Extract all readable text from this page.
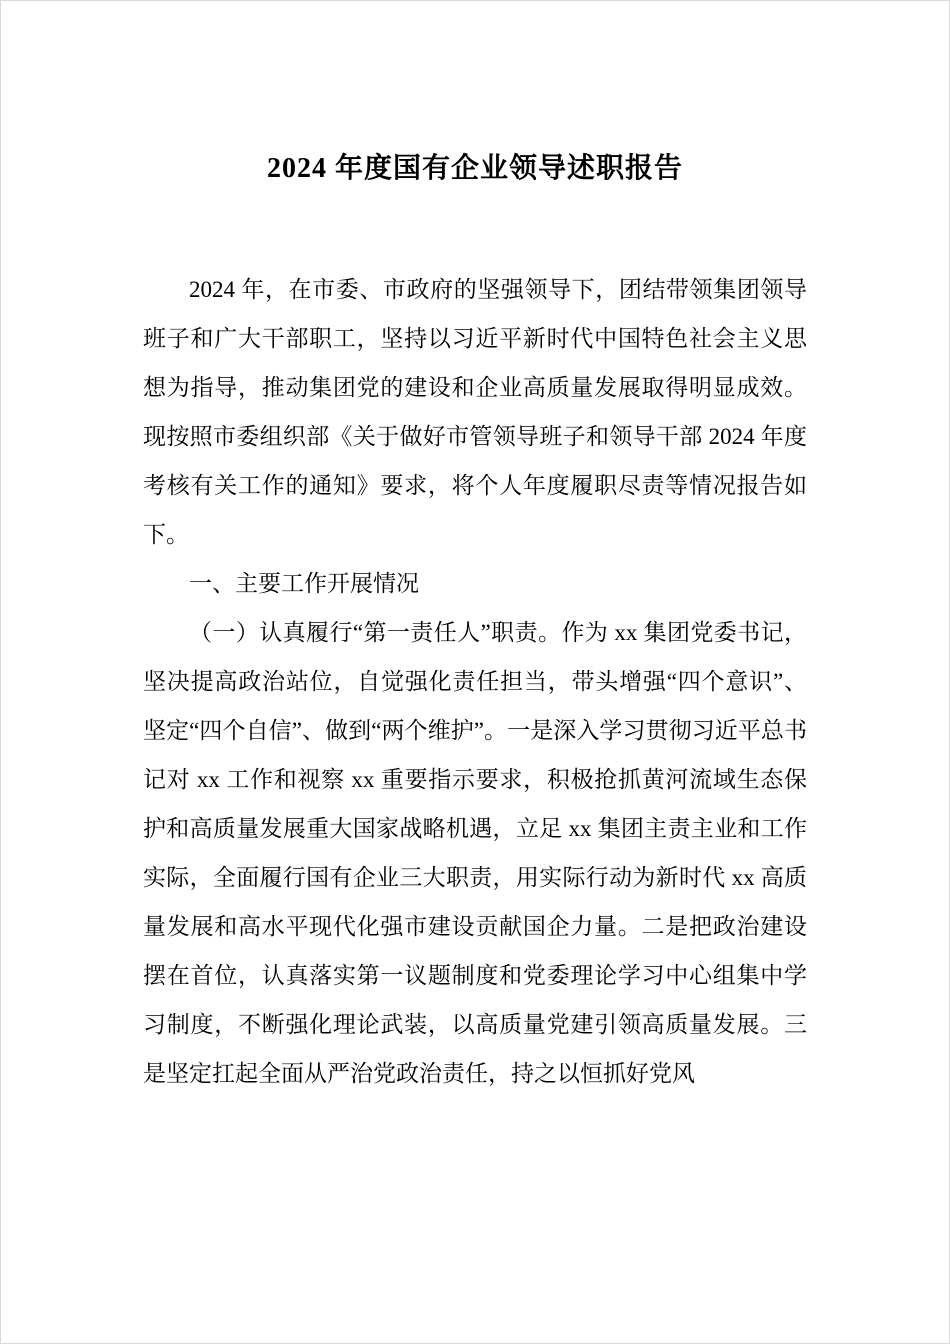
2024 年度国有企业领导述职报告

2024 年，在市委、市政府的坚强领导下，团结带领集团领导班子和广大干部职工，坚持以习近平新时代中国特色社会主义思想为指导，推动集团党的建设和企业高质量发展取得明显成效。现按照市委组织部《关于做好市管领导班子和领导干部 2024 年度考核有关工作的通知》要求，将个人年度履职尽责等情况报告如下。

一、主要工作开展情况

（一）认真履行“第一责任人”职责。作为 xx 集团党委书记，坚决提高政治站位，自觉强化责任担当，带头增强“四个意识”、坚定“四个自信”、做到“两个维护”。一是深入学习贯彻习近平总书记对 xx 工作和视察 xx 重要指示要求，积极抢抓黄河流域生态保护和高质量发展重大国家战略机遇，立足 xx 集团主责主业和工作实际，全面履行国有企业三大职责，用实际行动为新时代 xx 高质量发展和高水平现代化强市建设贡献国企力量。二是把政治建设摆在首位，认真落实第一议题制度和党委理论学习中心组集中学习制度，不断强化理论武装，以高质量党建引领高质量发展。三是坚定扛起全面从严治党政治责任，持之以恒抓好党风
